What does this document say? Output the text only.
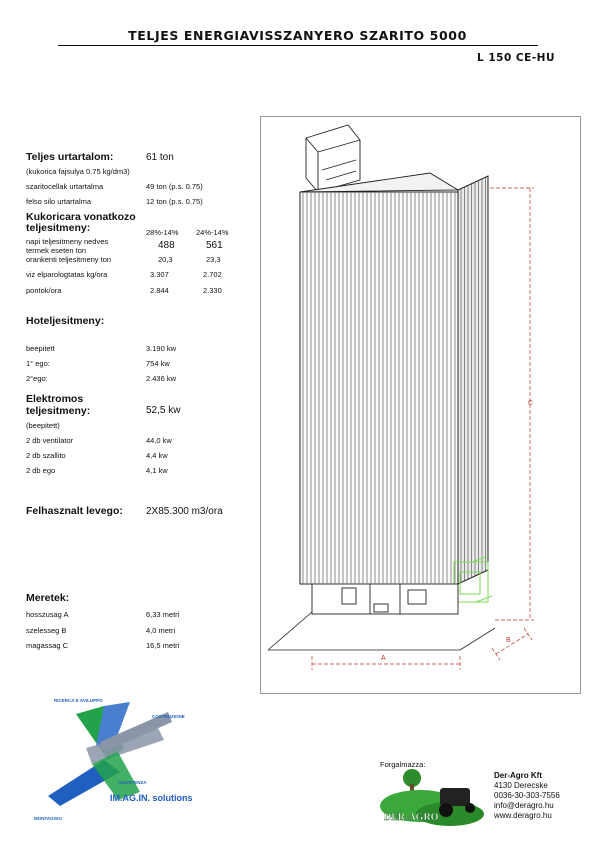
TELJES ENERGIAVISSZANYERO SZARITO 5000
L 150 CE-HU
Teljes urtartalom:	61 ton
(kukorica fajsulya 0.75 kg/dm3)
szaritocellak urtartalma	49 ton (p.s. 0.75)
felso silo urtartalma	12 ton (p.s. 0.75)
Kukoricara vonatkozo
teljesitmeny:	28%-14% 24%-14%
napi teljesitmeny nedves
termek eseten ton	488	561
orankenti teljesitmeny ton	20,3	23,3
viz elparologtatas kg/ora	3.307	2.702
pontok/ora	2.844	2.330
Hoteljesitmeny:
beepitett	3.190 kw
1° ego:	754 kw
2°ego:	2.436 kw
Elektromos
teljesitmeny:	52,5 kw
(beepitett)
2 db ventilator	44,0 kw
2 db szallito	4,4 kw
2 db ego	4,1 kw
Felhasznalt levego: 2X85.300 m3/ora
Meretek:
hosszusag A	6,33 metri
szelesseg B	4,0 metri
magassag C	16,5 metri
C
A
B
RICERCA E SVILUPPO
COSTRUZIONE
ASSISTENZA
MONTAGGIO
IM.AG.IN. solutions
Forgalmazza:
DER-AGRO
Der-Agro Kft
4130 Derecske
0036-30-303-7556
info@deragro.hu
www.deragro.hu
